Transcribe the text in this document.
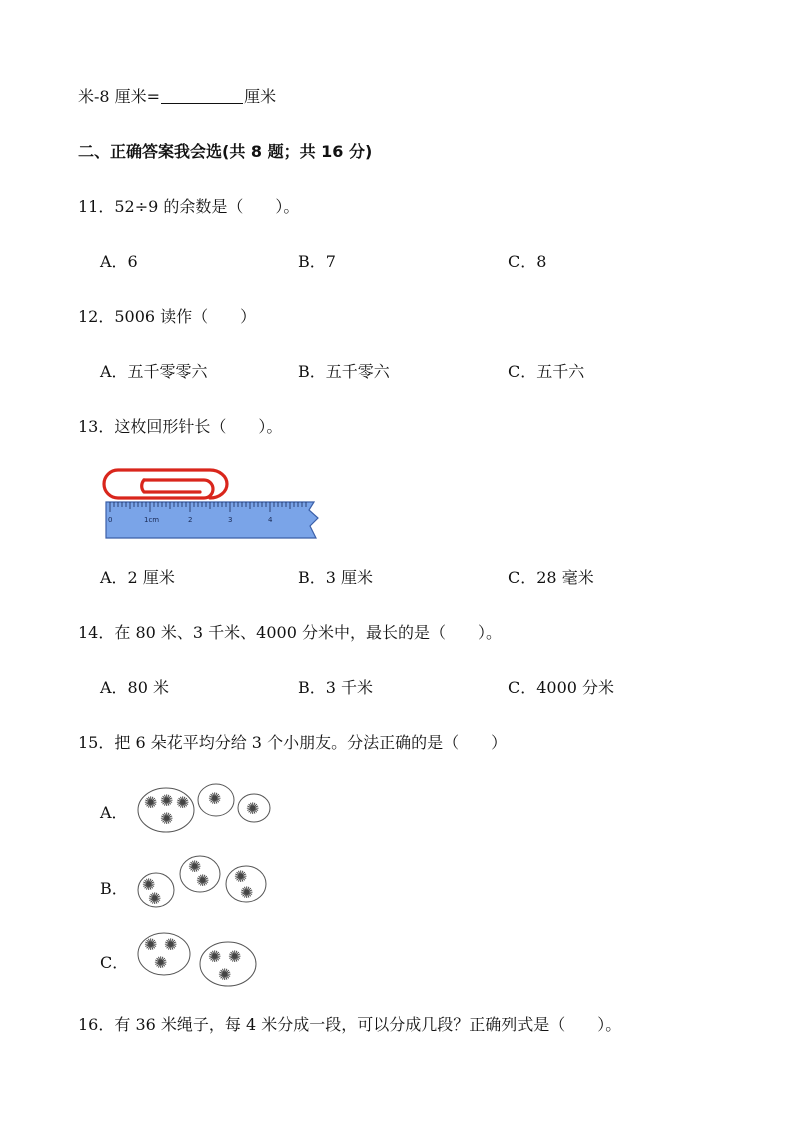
米-8 厘米=	厘米
二、正确答案我会选(共 8 题；共 16 分)
11．52÷9 的余数是（　　）。
A．6	B．7	C．8
12．5006 读作（　　）
A．五千零零六	B．五千零六	C．五千六
13．这枚回形针长（　　）。
0	1cm	2	3	4
A．2 厘米	B．3 厘米	C．28 毫米
14．在 80 米、3 千米、4000 分米中，最长的是（　　）。
A．80 米	B．3 千米	C．4000 分米
15．把 6 朵花平均分给 3 个小朋友。分法正确的是（　　）
A．
✺ ✺ ✺
✺
✺
✺
B． ✺
✺
✺
✺ ✺
✺
C．
✺ ✺
✺	✺ ✺
✺
16．有 36 米绳子，每 4 米分成一段，可以分成几段？正确列式是（　　）。
